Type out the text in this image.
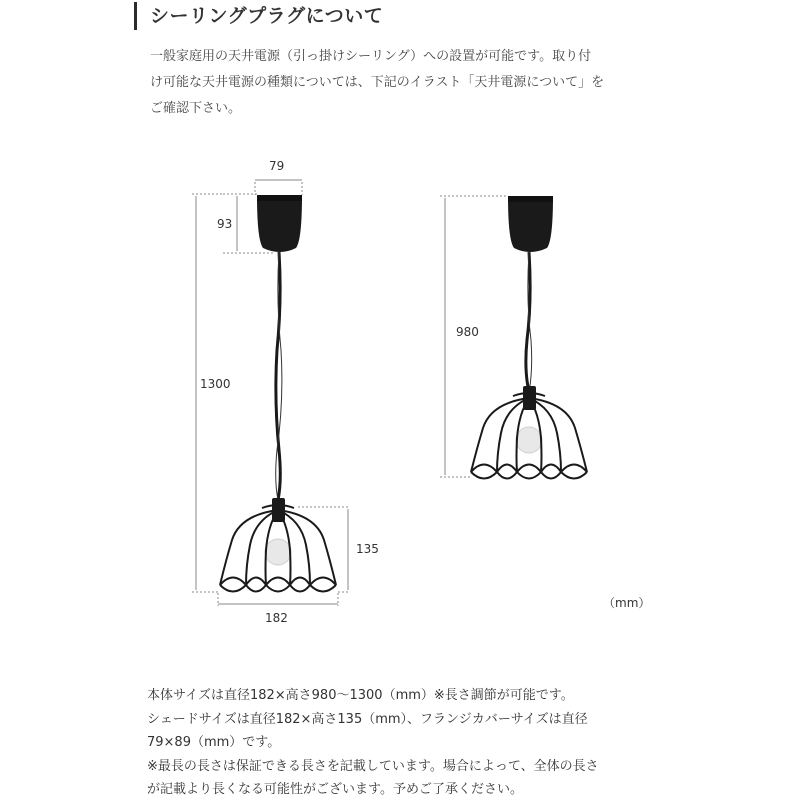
シーリングプラグについて

一般家庭用の天井電源（引っ掛けシーリング）への設置が可能です。取り付

け可能な天井電源の種類については、下記のイラスト「天井電源について」を

ご確認下さい。

79
93
1300
135
182
980
（mm）

本体サイズは直径182×高さ980〜1300（mm）※長さ調節が可能です。

シェードサイズは直径182×高さ135（mm）、フランジカバーサイズは直径

79×89（mm）です。

※最長の長さは保証できる長さを記載しています。場合によって、全体の長さ

が記載より長くなる可能性がございます。予めご了承ください。
